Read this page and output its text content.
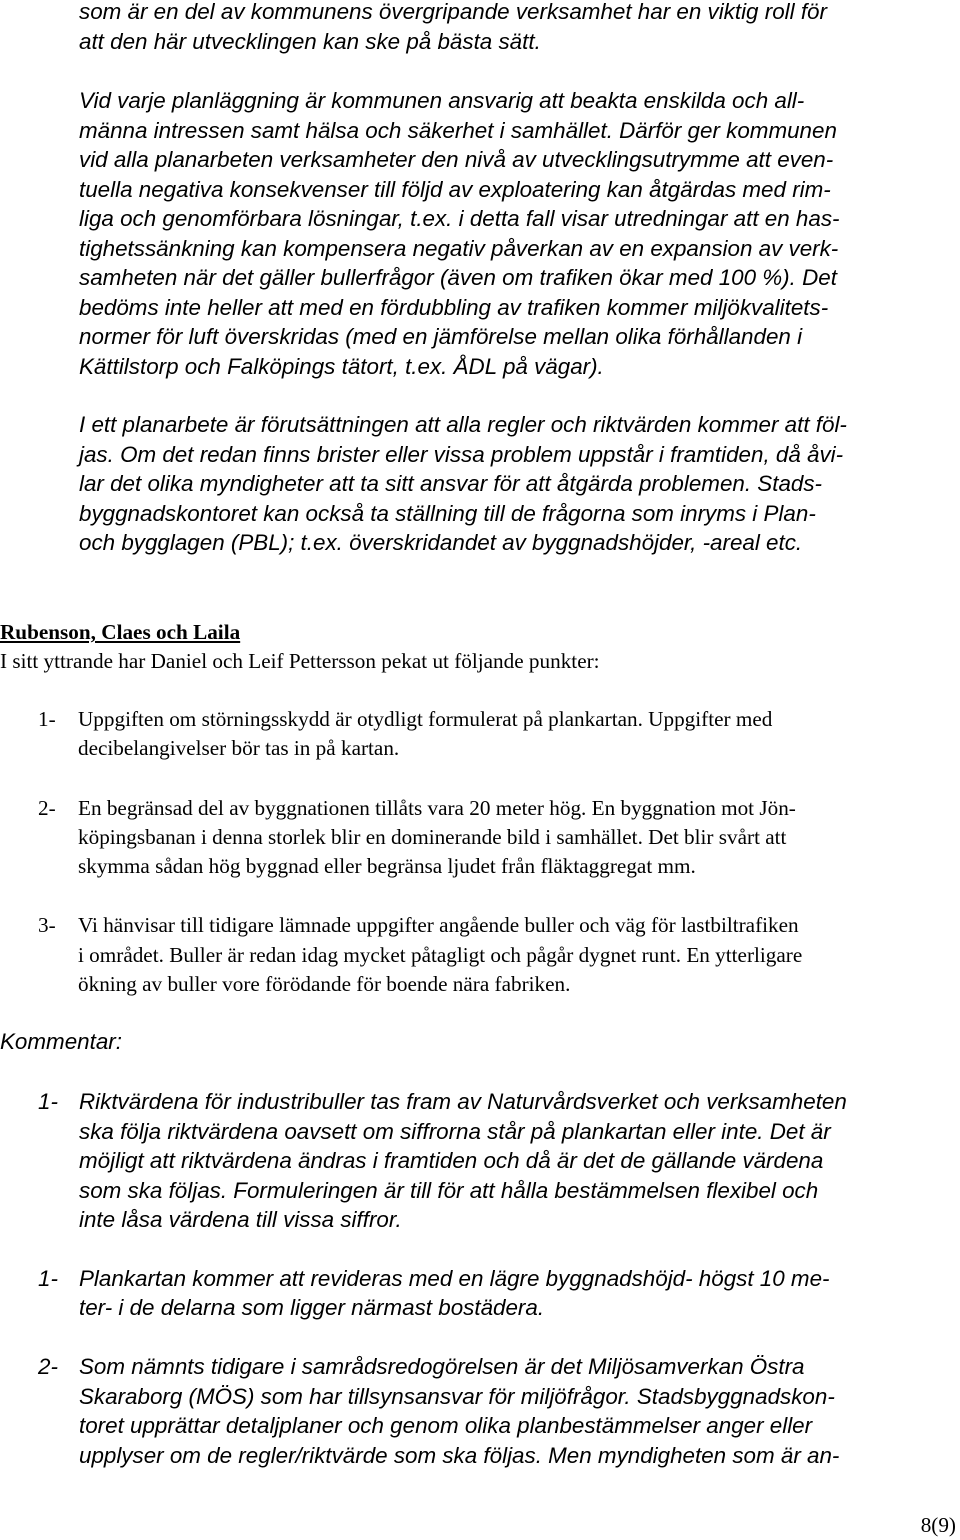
som är en del av kommunens övergripande verksamhet har en viktig roll för
att den här utvecklingen kan ske på bästa sätt.
Vid varje planläggning är kommunen ansvarig att beakta enskilda och all-
männa intressen samt hälsa och säkerhet i samhället. Därför ger kommunen
vid alla planarbeten verksamheter den nivå av utvecklingsutrymme att even-
tuella negativa konsekvenser till följd av exploatering kan åtgärdas med rim-
liga och genomförbara lösningar, t.ex. i detta fall visar utredningar att en has-
tighetssänkning kan kompensera negativ påverkan av en expansion av verk-
samheten när det gäller bullerfrågor (även om trafiken ökar med 100 %). Det
bedöms inte heller att med en fördubbling av trafiken kommer miljökvalitets-
normer för luft överskridas (med en jämförelse mellan olika förhållanden i
Kättilstorp och Falköpings tätort, t.ex. ÅDL på vägar).
I ett planarbete är förutsättningen att alla regler och riktvärden kommer att föl-
jas. Om det redan finns brister eller vissa problem uppstår i framtiden, då åvi-
lar det olika myndigheter att ta sitt ansvar för att åtgärda problemen. Stads-
byggnadskontoret kan också ta ställning till de frågorna som inryms i Plan-
och bygglagen (PBL); t.ex. överskridandet av byggnadshöjder, -areal etc.
Rubenson, Claes och Laila
I sitt yttrande har Daniel och Leif Pettersson pekat ut följande punkter:
1- Uppgiften om störningsskydd är otydligt formulerat på plankartan. Uppgifter med
decibelangivelser bör tas in på kartan.
2- En begränsad del av byggnationen tillåts vara 20 meter hög. En byggnation mot Jön-
köpingsbanan i denna storlek blir en dominerande bild i samhället. Det blir svårt att
skymma sådan hög byggnad eller begränsa ljudet från fläktaggregat mm.
3- Vi hänvisar till tidigare lämnade uppgifter angående buller och väg för lastbiltrafiken
i området. Buller är redan idag mycket påtagligt och pågår dygnet runt. En ytterligare
ökning av buller vore förödande för boende nära fabriken.
Kommentar:
1- Riktvärdena för industribuller tas fram av Naturvårdsverket och verksamheten
ska följa riktvärdena oavsett om siffrorna står på plankartan eller inte. Det är
möjligt att riktvärdena ändras i framtiden och då är det de gällande värdena
som ska följas. Formuleringen är till för att hålla bestämmelsen flexibel och
inte låsa värdena till vissa siffror.
1- Plankartan kommer att revideras med en lägre byggnadshöjd- högst 10 me-
ter- i de delarna som ligger närmast bostädera.
2- Som nämnts tidigare i samrådsredogörelsen är det Miljösamverkan Östra
Skaraborg (MÖS) som har tillsynsansvar för miljöfrågor. Stadsbyggnadskon-
toret upprättar detaljplaner och genom olika planbestämmelser anger eller
upplyser om de regler/riktvärde som ska följas. Men myndigheten som är an-
8(9)
